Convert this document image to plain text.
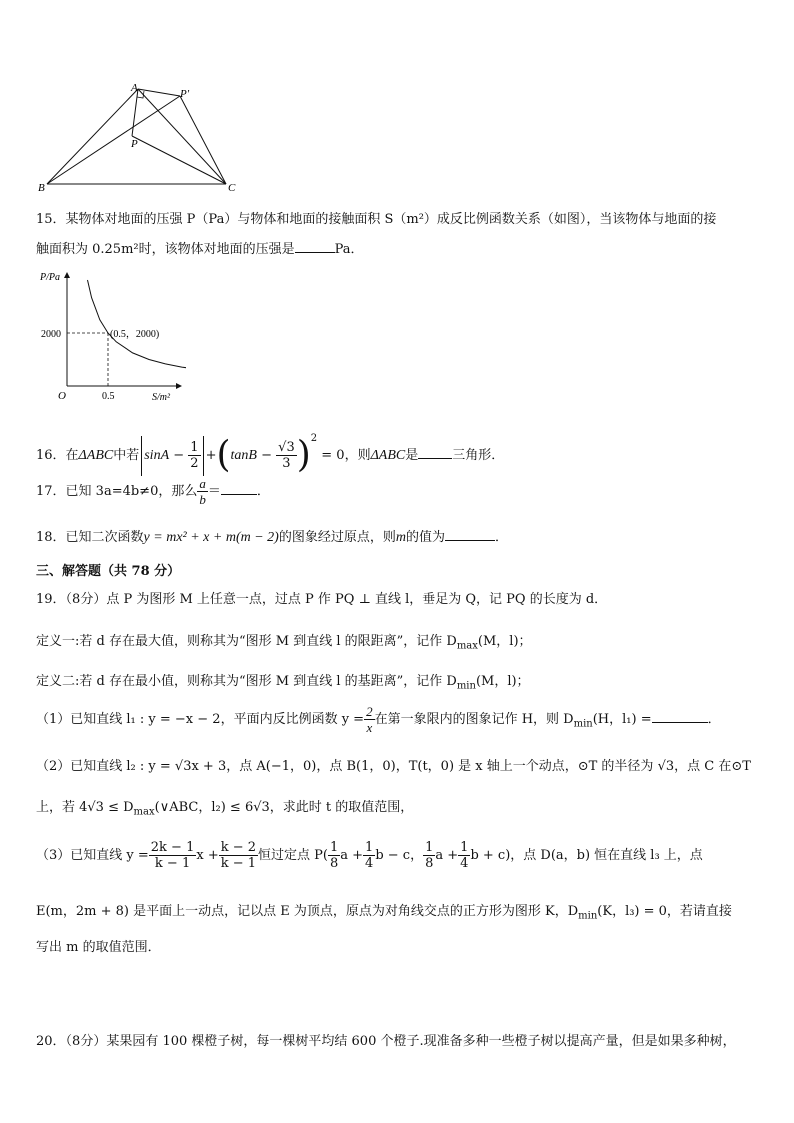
A	P'
P
B	C
15．某物体对地面的压强 P（Pa）与物体和地面的接触面积 S（m²）成反比例函数关系（如图），当该物体与地面的接
触面积为 0.25m²时，该物体对地面的压强是	Pa．
P/Pa
S/m²
O	0.5
2000	(0.5，2000)
16．在ΔABC中若 $\sin A - \frac{1}{2} +(\tan B - \frac{√3}{3} )^2 = 0$，则ΔABC是	三角形．
17．已知 3a=4b≠0，那么 $\frac{a}{b}$ ＝	．
18．已知二次函数y = mx² + x + m(m − 2)的图象经过原点，则m的值为	．
三、解答题（共 78 分）
19．（8分）点 P 为图形 M 上任意一点，过点 P 作 PQ ⊥ 直线 l，垂足为 Q，记 PQ 的长度为 d．
定义一:若 d 存在最大值，则称其为“图形 M 到直线 l 的限距离”，记作 $D_{max}(M$，l)；
定义二:若 d 存在最小值，则称其为“图形 M 到直线 l 的基距离”，记作 $D_{min}(M$，l)；
（1）已知直线 l₁ : y = −x − 2，平面内反比例函数 $y = \frac{2}{x}$ 在第一象限内的图象记作 H，则 $D_{min}(H$，l₁) =	．
（2）已知直线 l₂ : y = √3x + 3，点 A(−1，0)，点 B(1，0)，T(t，0) 是 x 轴上一个动点，⊙T 的半径为 √3，点 C 在⊙T
上，若 $4√3 \le D_{max}(\vee ABC$，l₂) ≤ 6√3，求此时 t 的取值范围，
（3）已知直线 $y = \frac{2k - 1}{k - 1}$ $x + \frac{k - 2}{k - 1}$ 恒过定点 $P( \frac{1}{8}$ $a + \frac{1}{4}$ b − c， $\frac{1}{8}$ $a + \frac{1}{4}$ b + c)，点 D(a，b) 恒在直线 l₃ 上，点
E(m，2m + 8) 是平面上一动点，记以点 E 为顶点，原点为对角线交点的正方形为图形 K，$D_{min}(K$，l₃) = 0，若请直接
写出 m 的取值范围．
20．（8分）某果园有 100 棵橙子树，每一棵树平均结 600 个橙子.现准备多种一些橙子树以提高产量，但是如果多种树，
